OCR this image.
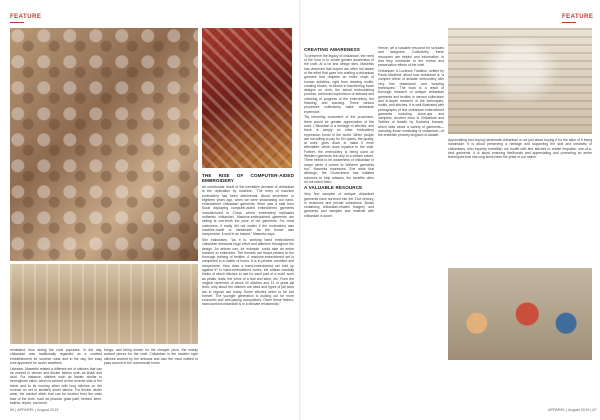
FEATURE	FEATURE

reinstated, thus aiding the rural populace. In the day, chikankari was traditionally regarded as a coveted embellishment for summer wear and in the day, the easy tone appeared for cooler weathers.

Likewise, Maseeks related a different set of stitches that can be worked in denser and thicker fabrics such as khadi and wool. For instance, stitches such as ladder, similar to herringbone stitch, which is worked on the reverse side of the fabric and to its running stitch with long stitches on the reverse on net or similarly sheer fabrics. For thicker winter wear, the zardozi stitch that can be worked from the main face of the cloth, such as phanda, ghas patti, herbed, keeri, bakhia, tepchi, and murri.

things, and being known for the cheaper price, the mainly worked pieces for the craft. Chikankari in the modern style stitches worked by the artisans and also the most crafted to pass around in the commercial forms.

THE RISE OF COMPUTER-AIDED EMBROIDERY

An unfortunate result of the inevitable demand of chikankari is the replication by machine. "The entry of machine embroidery has been detrimental. About seventeen or eighteen years ago, when we were showcasing our hand-embroidered chikankari garments, there was a stall from Surat displaying computer-aided embroidered garments manufactured in China, where embroidery replicated authentic chikankari. Machine-embroidered garments are selling at one-tenth the price of our garments. For most customers, it really did not matter if the embroidery was machine-made or handmade. As the former was inexpensive, it sold in an instant," Maseeks says.

She elaborates, "As it is, working hand embroidered chikankari demands huge effort and attention throughout the design. An artisan can, for example, could take an entire summer to embroider. The threads are tissue-related to the thorough training of textiles. A machine-embroidered set is completed in a matter of hours. It is in pristine condition and inexpensive. How does a hand-embroidered set hold up against it? In hand-embroidered works, the artisan carefully thinks of which stitches to use for each part of a motif, such as petals, leafs, the veins of a leaf and stem, etc. From the original repertoire of about 40 stitches and 12 or great jail work, only about ten stitches are used and types of jail work are in regular use today. Some stitches seem to be lost forever. The younger generation is looking out for more economic and well-paying occupations. Given these factors, hand-worked chikankari is in a delicate relationship."

CREATING AWARENESS

To preserve the legacy of chikankari, the need of the hour is to create greater awareness of the craft. At a lot and design fairs, Maseeks has observed that buyers are often not aware of the effort that goes into crafting a chikankari garment that requires an entire chain of human activities, right from drawing motifs, creating blocks, re-blocks to transferring those designs on cloth, the actual embroidering process, continued supervision of artisans and checking of progress of the embroidery, the finishing, and washing. These various processes collectively make chikankari expensive.

"By informing customers of the processes, there would be greater appreciation of the work. Chikankari is a heritage of stitches, and there is simply no other embroidery expression found in the world. When people are not willing to pay for 50 rupees, the quality, at work, goes down to make it more affordable, which does injustice to the craft. Further, the embroidery is being used on Western garments but only to a certain extent. There needs to be awareness of chikankari in scope when it comes to Western garments too," Maseeks expresses. She adds that although, the Government has initiated schemes to help artisans, the benefits often do not reach them.

A VALUABLE RESOURCE

Very few samples of antique chikankari garments have survived into the 21st century, in museums and private collections. Books containing chikankari-related imagery and garments and samples and material with chikankari is scant.

Hence, we a valuable resource for scholars and designers. Collectively, these resources are helpful and informative, in that they contribute to the revival and preservation efforts of the craft.

Chikankari: A Lucknow Tradition, written by Paola Manfredi, about how chikankari is "a complex blend of delicate embroidery with very fine drawnwork and weaving techniques." The book is a result of thorough research of antique chikankari garments and textiles in various collections and in-depth research of the techniques, motifs, and stitches. It is well-illustrated with photographs of fine chikankari embroidered garments including close-ups and samplers. Another book is Chikankari and Textiles of Awadh by Suchetra Kanwar, which talks about a variety of garments—including those consisting of chikankari—of the erstwhile princely kingdom of Awadh.

Appreciating and buying handmade chikankari is not just about buying it for the sake of it being handmade. It is about preserving a heritage and supporting the skill and creativity of chikankaris, who expertly embellish our motifs with fine stitches to create exquisite, one-of-a-kind garments. It is about ensuring livelihoods and appreciating and promoting an entire techniques that has long since been the pride of our nation.

66 | APPAREL | August 2019	APPAREL | August 2019 | 67
